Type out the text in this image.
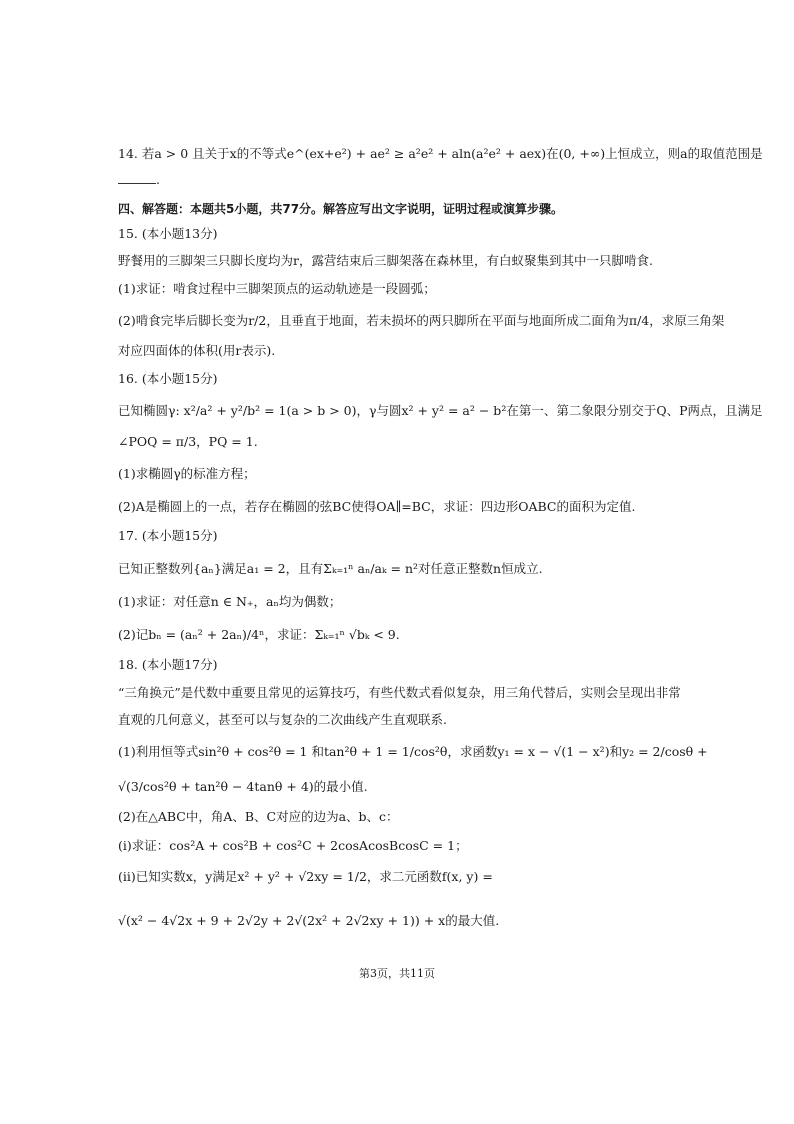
14. 若a > 0 且关于x的不等式e^(ex+e²) + ae² ≥ a²e² + aln(a²e² + aex)在(0, +∞)上恒成立，则a的取值范围是
.
四、解答题：本题共5小题，共77分。解答应写出文字说明，证明过程或演算步骤。
15. (本小题13分)
野餐用的三脚架三只脚长度均为r，露营结束后三脚架落在森林里，有白蚁聚集到其中一只脚啃食.
(1)求证：啃食过程中三脚架顶点的运动轨迹是一段圆弧；
(2)啃食完毕后脚长变为r/2，且垂直于地面，若未损坏的两只脚所在平面与地面所成二面角为π/4，求原三角架
对应四面体的体积(用r表示).
16. (本小题15分)
已知椭圆γ: x²/a² + y²/b² = 1(a > b > 0)，γ与圆x² + y² = a² − b²在第一、第二象限分别交于Q、P两点，且满足
∠POQ = π/3，PQ = 1.
(1)求椭圆γ的标准方程；
(2)A是椭圆上的一点，若存在椭圆的弦BC使得OA∥=BC，求证：四边形OABC的面积为定值.
17. (本小题15分)
已知正整数列{aₙ}满足a₁ = 2，且有Σₖ₌₁ⁿ aₙ/aₖ = n²对任意正整数n恒成立.
(1)求证：对任意n ∈ N₊，aₙ均为偶数；
(2)记bₙ = (aₙ² + 2aₙ)/4ⁿ，求证：Σₖ₌₁ⁿ √bₖ < 9.
18. (本小题17分)
“三角换元”是代数中重要且常见的运算技巧，有些代数式看似复杂，用三角代替后，实则会呈现出非常
直观的几何意义，甚至可以与复杂的二次曲线产生直观联系.
(1)利用恒等式sin²θ + cos²θ = 1 和tan²θ + 1 = 1/cos²θ，求函数y₁ = x − √(1 − x²)和y₂ = 2/cosθ +
√(3/cos²θ + tan²θ − 4tanθ + 4)的最小值.
(2)在△ABC中，角A、B、C对应的边为a、b、c：
(i)求证：cos²A + cos²B + cos²C + 2cosAcosBcosC = 1；
(ii)已知实数x，y满足x² + y² + √2xy = 1/2，求二元函数f(x, y) =
√(x² − 4√2x + 9 + 2√2y + 2√(2x² + 2√2xy + 1)) + x的最大值.
第3页，共11页
